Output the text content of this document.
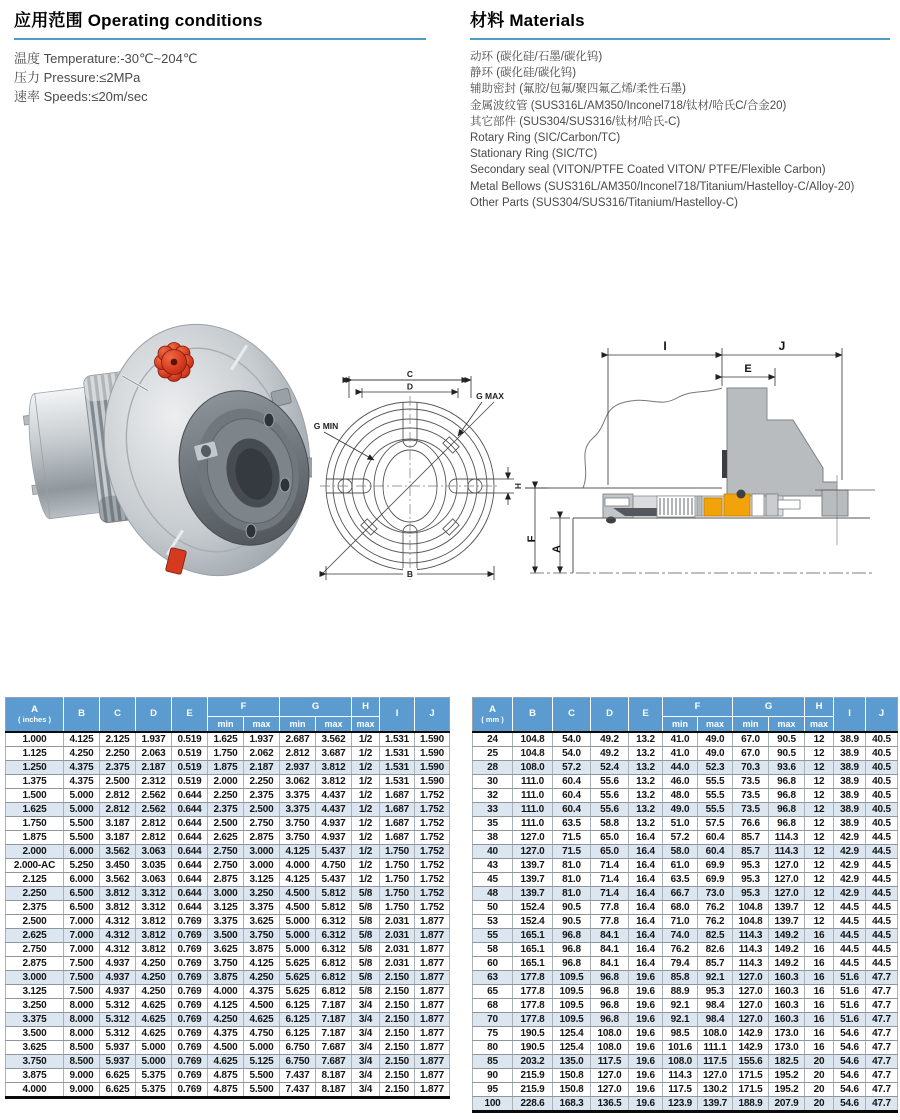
应用范围 Operating conditions
温度 Temperature:-30℃~204℃
压力 Pressure:≤2MPa
速率 Speeds:≤20m/sec
材料 Materials
动环 (碳化硅/石墨/碳化钨)
静环 (碳化硅/碳化钨)
辅助密封 (氟胶/包氟/聚四氟乙烯/柔性石墨)
金属波纹管 (SUS316L/AM350/Inconel718/钛材/哈氏C/合金20)
其它部件 (SUS304/SUS316/钛材/哈氏-C)
Rotary Ring (SIC/Carbon/TC)
Stationary Ring (SIC/TC)
Secondary seal (VITON/PTFE Coated VITON/ PTFE/Flexible Carbon)
Metal Bellows (SUS316L/AM350/Inconel718/Titanium/Hastelloy-C/Alloy-20)
Other Parts (SUS304/SUS316/Titanium/Hastelloy-C)
C
D
B
H
G MIN
G MAX
I	J
E
F
A
A
( inches )	B	C	D	E	F		G		H	I	J
					min	max	min	max	max		
1.000	4.125	2.125	1.937	0.519	1.625	1.937	2.687	3.562	1/2	1.531	1.590
1.125	4.250	2.250	2.063	0.519	1.750	2.062	2.812	3.687	1/2	1.531	1.590
1.250	4.375	2.375	2.187	0.519	1.875	2.187	2.937	3.812	1/2	1.531	1.590
1.375	4.375	2.500	2.312	0.519	2.000	2.250	3.062	3.812	1/2	1.531	1.590
1.500	5.000	2.812	2.562	0.644	2.250	2.375	3.375	4.437	1/2	1.687	1.752
1.625	5.000	2.812	2.562	0.644	2.375	2.500	3.375	4.437	1/2	1.687	1.752
1.750	5.500	3.187	2.812	0.644	2.500	2.750	3.750	4.937	1/2	1.687	1.752
1.875	5.500	3.187	2.812	0.644	2.625	2.875	3.750	4.937	1/2	1.687	1.752
2.000	6.000	3.562	3.063	0.644	2.750	3.000	4.125	5.437	1/2	1.750	1.752
2.000-AC	5.250	3.450	3.035	0.644	2.750	3.000	4.000	4.750	1/2	1.750	1.752
2.125	6.000	3.562	3.063	0.644	2.875	3.125	4.125	5.437	1/2	1.750	1.752
2.250	6.500	3.812	3.312	0.644	3.000	3.250	4.500	5.812	5/8	1.750	1.752
2.375	6.500	3.812	3.312	0.644	3.125	3.375	4.500	5.812	5/8	1.750	1.752
2.500	7.000	4.312	3.812	0.769	3.375	3.625	5.000	6.312	5/8	2.031	1.877
2.625	7.000	4.312	3.812	0.769	3.500	3.750	5.000	6.312	5/8	2.031	1.877
2.750	7.000	4.312	3.812	0.769	3.625	3.875	5.000	6.312	5/8	2.031	1.877
2.875	7.500	4.937	4.250	0.769	3.750	4.125	5.625	6.812	5/8	2.031	1.877
3.000	7.500	4.937	4.250	0.769	3.875	4.250	5.625	6.812	5/8	2.150	1.877
3.125	7.500	4.937	4.250	0.769	4.000	4.375	5.625	6.812	5/8	2.150	1.877
3.250	8.000	5.312	4.625	0.769	4.125	4.500	6.125	7.187	3/4	2.150	1.877
3.375	8.000	5.312	4.625	0.769	4.250	4.625	6.125	7.187	3/4	2.150	1.877
3.500	8.000	5.312	4.625	0.769	4.375	4.750	6.125	7.187	3/4	2.150	1.877
3.625	8.500	5.937	5.000	0.769	4.500	5.000	6.750	7.687	3/4	2.150	1.877
3.750	8.500	5.937	5.000	0.769	4.625	5.125	6.750	7.687	3/4	2.150	1.877
3.875	9.000	6.625	5.375	0.769	4.875	5.500	7.437	8.187	3/4	2.150	1.877
4.000	9.000	6.625	5.375	0.769	4.875	5.500	7.437	8.187	3/4	2.150	1.877
A
( mm )	B	C	D	E	F		G		H	I	J
					min	max	min	max	max		
24	104.8	54.0	49.2	13.2	41.0	49.0	67.0	90.5	12	38.9	40.5
25	104.8	54.0	49.2	13.2	41.0	49.0	67.0	90.5	12	38.9	40.5
28	108.0	57.2	52.4	13.2	44.0	52.3	70.3	93.6	12	38.9	40.5
30	111.0	60.4	55.6	13.2	46.0	55.5	73.5	96.8	12	38.9	40.5
32	111.0	60.4	55.6	13.2	48.0	55.5	73.5	96.8	12	38.9	40.5
33	111.0	60.4	55.6	13.2	49.0	55.5	73.5	96.8	12	38.9	40.5
35	111.0	63.5	58.8	13.2	51.0	57.5	76.6	96.8	12	38.9	40.5
38	127.0	71.5	65.0	16.4	57.2	60.4	85.7	114.3	12	42.9	44.5
40	127.0	71.5	65.0	16.4	58.0	60.4	85.7	114.3	12	42.9	44.5
43	139.7	81.0	71.4	16.4	61.0	69.9	95.3	127.0	12	42.9	44.5
45	139.7	81.0	71.4	16.4	63.5	69.9	95.3	127.0	12	42.9	44.5
48	139.7	81.0	71.4	16.4	66.7	73.0	95.3	127.0	12	42.9	44.5
50	152.4	90.5	77.8	16.4	68.0	76.2	104.8	139.7	12	44.5	44.5
53	152.4	90.5	77.8	16.4	71.0	76.2	104.8	139.7	12	44.5	44.5
55	165.1	96.8	84.1	16.4	74.0	82.5	114.3	149.2	16	44.5	44.5
58	165.1	96.8	84.1	16.4	76.2	82.6	114.3	149.2	16	44.5	44.5
60	165.1	96.8	84.1	16.4	79.4	85.7	114.3	149.2	16	44.5	44.5
63	177.8	109.5	96.8	19.6	85.8	92.1	127.0	160.3	16	51.6	47.7
65	177.8	109.5	96.8	19.6	88.9	95.3	127.0	160.3	16	51.6	47.7
68	177.8	109.5	96.8	19.6	92.1	98.4	127.0	160.3	16	51.6	47.7
70	177.8	109.5	96.8	19.6	92.1	98.4	127.0	160.3	16	51.6	47.7
75	190.5	125.4	108.0	19.6	98.5	108.0	142.9	173.0	16	54.6	47.7
80	190.5	125.4	108.0	19.6	101.6	111.1	142.9	173.0	16	54.6	47.7
85	203.2	135.0	117.5	19.6	108.0	117.5	155.6	182.5	20	54.6	47.7
90	215.9	150.8	127.0	19.6	114.3	127.0	171.5	195.2	20	54.6	47.7
95	215.9	150.8	127.0	19.6	117.5	130.2	171.5	195.2	20	54.6	47.7
100	228.6	168.3	136.5	19.6	123.9	139.7	188.9	207.9	20	54.6	47.7
